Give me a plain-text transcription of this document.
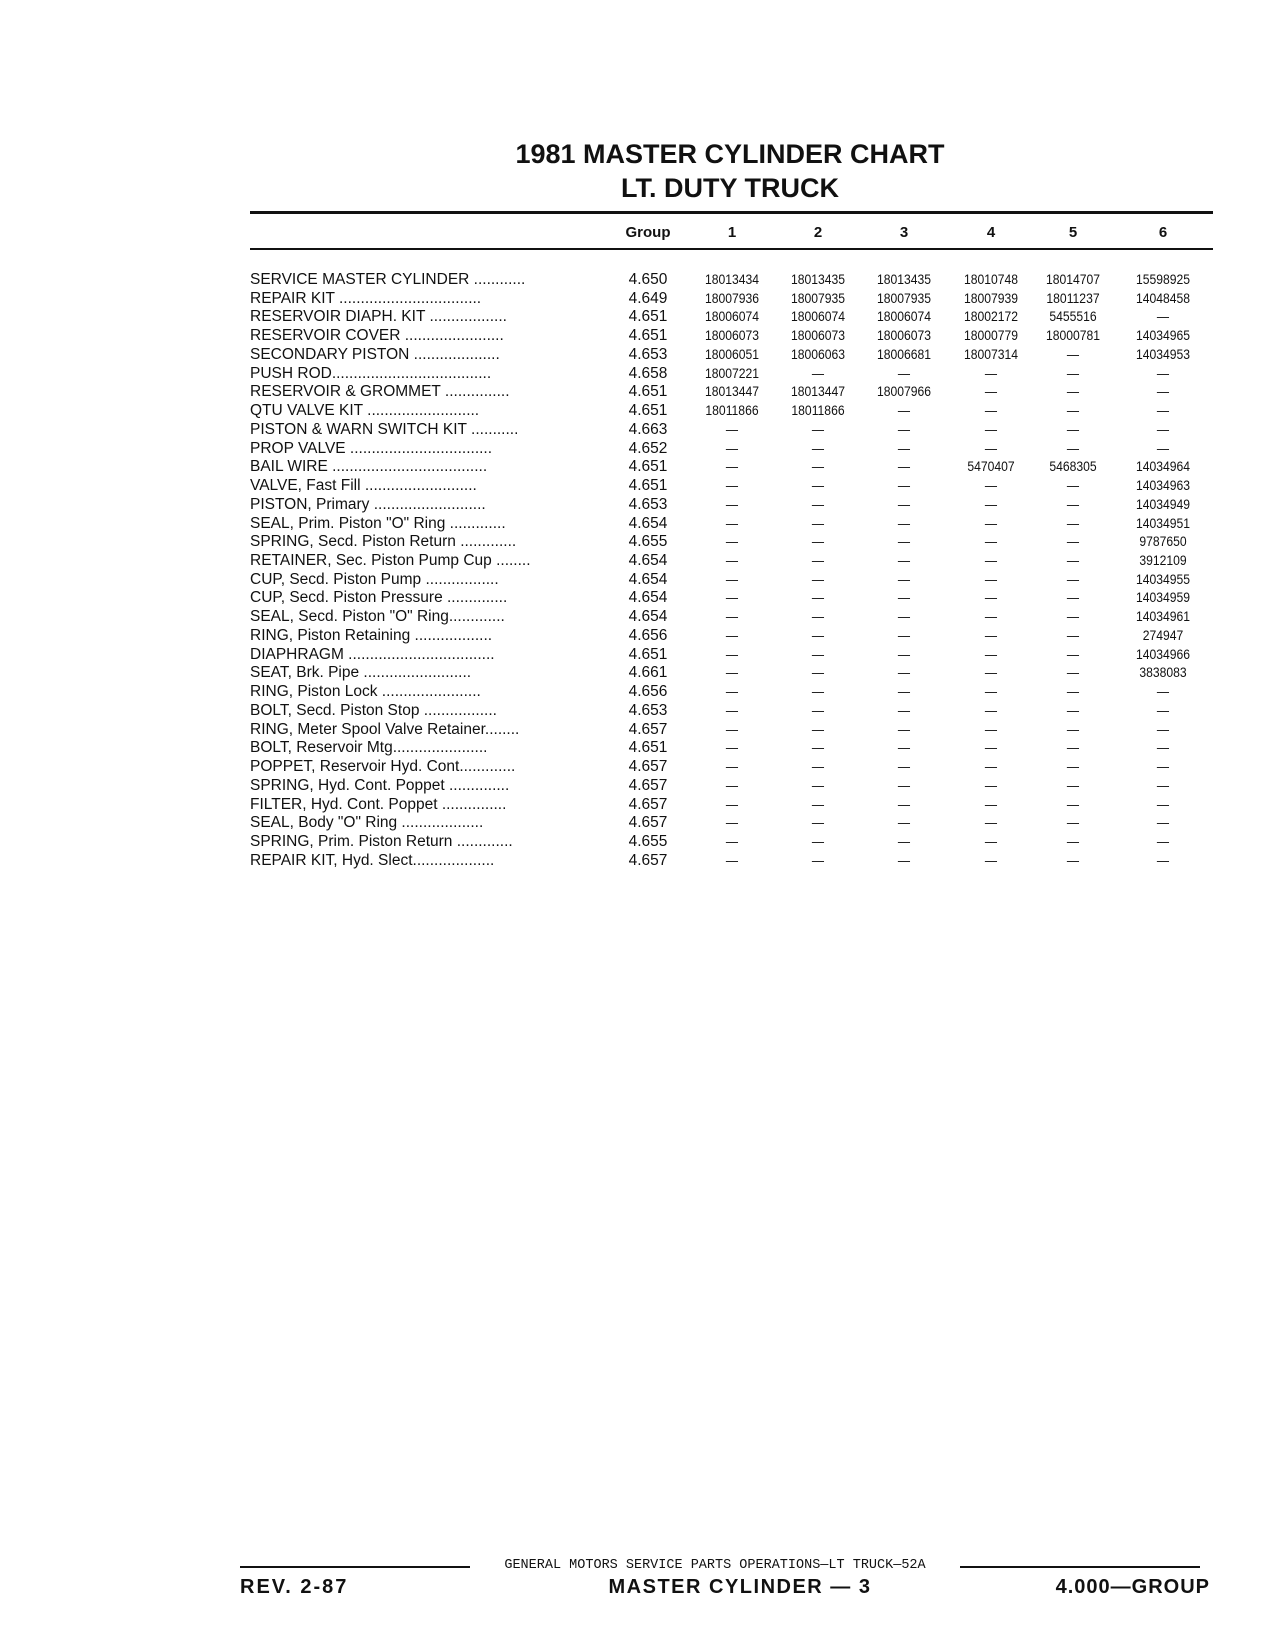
1981 MASTER CYLINDER CHART
LT. DUTY TRUCK
Group	1	2	3	4	5	6
SERVICE MASTER CYLINDER ............	4.650	18013434	18013435	18013435	18010748	18014707	15598925
REPAIR KIT .................................	4.649	18007936	18007935	18007935	18007939	18011237	14048458
RESERVOIR DIAPH. KIT ..................	4.651	18006074	18006074	18006074	18002172	5455516	—
RESERVOIR COVER .......................	4.651	18006073	18006073	18006073	18000779	18000781	14034965
SECONDARY PISTON ....................	4.653	18006051	18006063	18006681	18007314	—	14034953
PUSH ROD.....................................	4.658	18007221	—	—	—	—	—
RESERVOIR & GROMMET ...............	4.651	18013447	18013447	18007966	—	—	—
QTU VALVE KIT ..........................	4.651	18011866	18011866	—	—	—	—
PISTON & WARN SWITCH KIT ...........	4.663	—	—	—	—	—	—
PROP VALVE .................................	4.652	—	—	—	—	—	—
BAIL WIRE ....................................	4.651	—	—	—	5470407	5468305	14034964
VALVE, Fast Fill ..........................	4.651	—	—	—	—	—	14034963
PISTON, Primary ..........................	4.653	—	—	—	—	—	14034949
SEAL, Prim. Piston "O" Ring .............	4.654	—	—	—	—	—	14034951
SPRING, Secd. Piston Return .............	4.655	—	—	—	—	—	9787650
RETAINER, Sec. Piston Pump Cup ........	4.654	—	—	—	—	—	3912109
CUP, Secd. Piston Pump .................	4.654	—	—	—	—	—	14034955
CUP, Secd. Piston Pressure ..............	4.654	—	—	—	—	—	14034959
SEAL, Secd. Piston "O" Ring.............	4.654	—	—	—	—	—	14034961
RING, Piston Retaining ..................	4.656	—	—	—	—	—	274947
DIAPHRAGM ..................................	4.651	—	—	—	—	—	14034966
SEAT, Brk. Pipe .........................	4.661	—	—	—	—	—	3838083
RING, Piston Lock .......................	4.656	—	—	—	—	—	—
BOLT, Secd. Piston Stop .................	4.653	—	—	—	—	—	—
RING, Meter Spool Valve Retainer........	4.657	—	—	—	—	—	—
BOLT, Reservoir Mtg......................	4.651	—	—	—	—	—	—
POPPET, Reservoir Hyd. Cont.............	4.657	—	—	—	—	—	—
SPRING, Hyd. Cont. Poppet ..............	4.657	—	—	—	—	—	—
FILTER, Hyd. Cont. Poppet ...............	4.657	—	—	—	—	—	—
SEAL, Body "O" Ring ...................	4.657	—	—	—	—	—	—
SPRING, Prim. Piston Return .............	4.655	—	—	—	—	—	—
REPAIR KIT, Hyd. Slect...................	4.657	—	—	—	—	—	—
GENERAL MOTORS SERVICE PARTS OPERATIONS—LT TRUCK—52A
REV. 2-87	MASTER CYLINDER — 3	4.000—GROUP
